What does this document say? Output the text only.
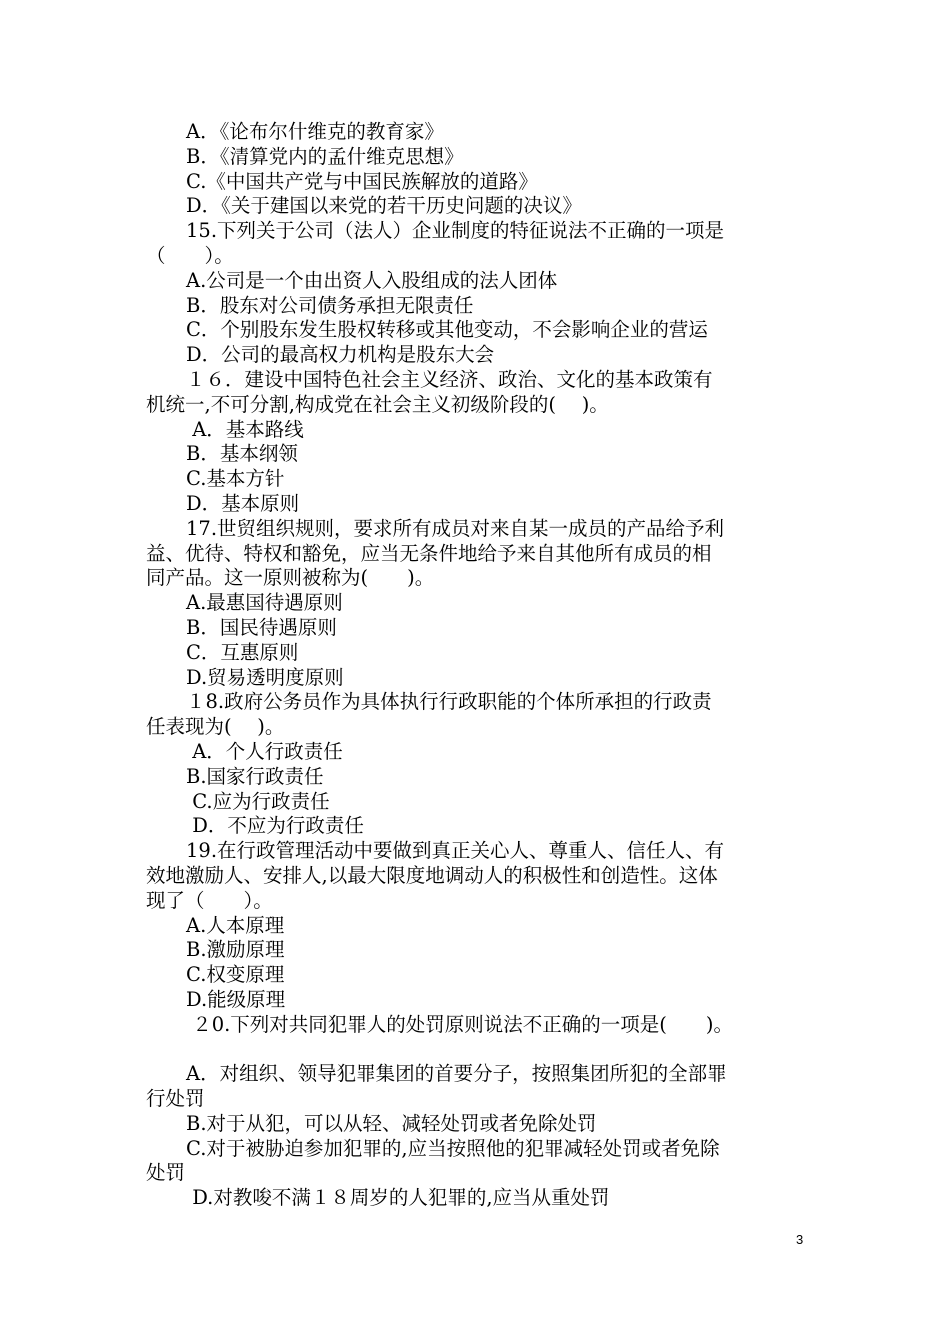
A．《论布尔什维克的教育家》
B．《清算党内的孟什维克思想》
C.《中国共产党与中国民族解放的道路》
D．《关于建国以来党的若干历史问题的决议》
15.下列关于公司（法人）企业制度的特征说法不正确的一项是
（　　）。
A.公司是一个由出资人入股组成的法人团体
B．股东对公司债务承担无限责任
C．个别股东发生股权转移或其他变动，不会影响企业的营运
D．公司的最高权力机构是股东大会
１６．建设中国特色社会主义经济、政治、文化的基本政策有
机统一,不可分割,构成党在社会主义初级阶段的(　 )。
A．基本路线
B．基本纲领
C.基本方针
D．基本原则
17.世贸组织规则，要求所有成员对来自某一成员的产品给予利
益、优待、特权和豁免，应当无条件地给予来自其他所有成员的相
同产品。这一原则被称为(　　)。
A.最惠国待遇原则
B．国民待遇原则
C．互惠原则
D.贸易透明度原则
１8.政府公务员作为具体执行行政职能的个体所承担的行政责
任表现为(　 )。
A．个人行政责任
B.国家行政责任
C.应为行政责任
D．不应为行政责任
19.在行政管理活动中要做到真正关心人、尊重人、信任人、有
效地激励人、安排人,以最大限度地调动人的积极性和创造性。这体
现了（　　）。
A.人本原理
B.激励原理
C.权变原理
D.能级原理
２0.下列对共同犯罪人的处罚原则说法不正确的一项是(　　)。
A．对组织、领导犯罪集团的首要分子，按照集团所犯的全部罪
行处罚
B.对于从犯，可以从轻、减轻处罚或者免除处罚
C.对于被胁迫参加犯罪的,应当按照他的犯罪减轻处罚或者免除
处罚
D.对教唆不满１８周岁的人犯罪的,应当从重处罚
3
